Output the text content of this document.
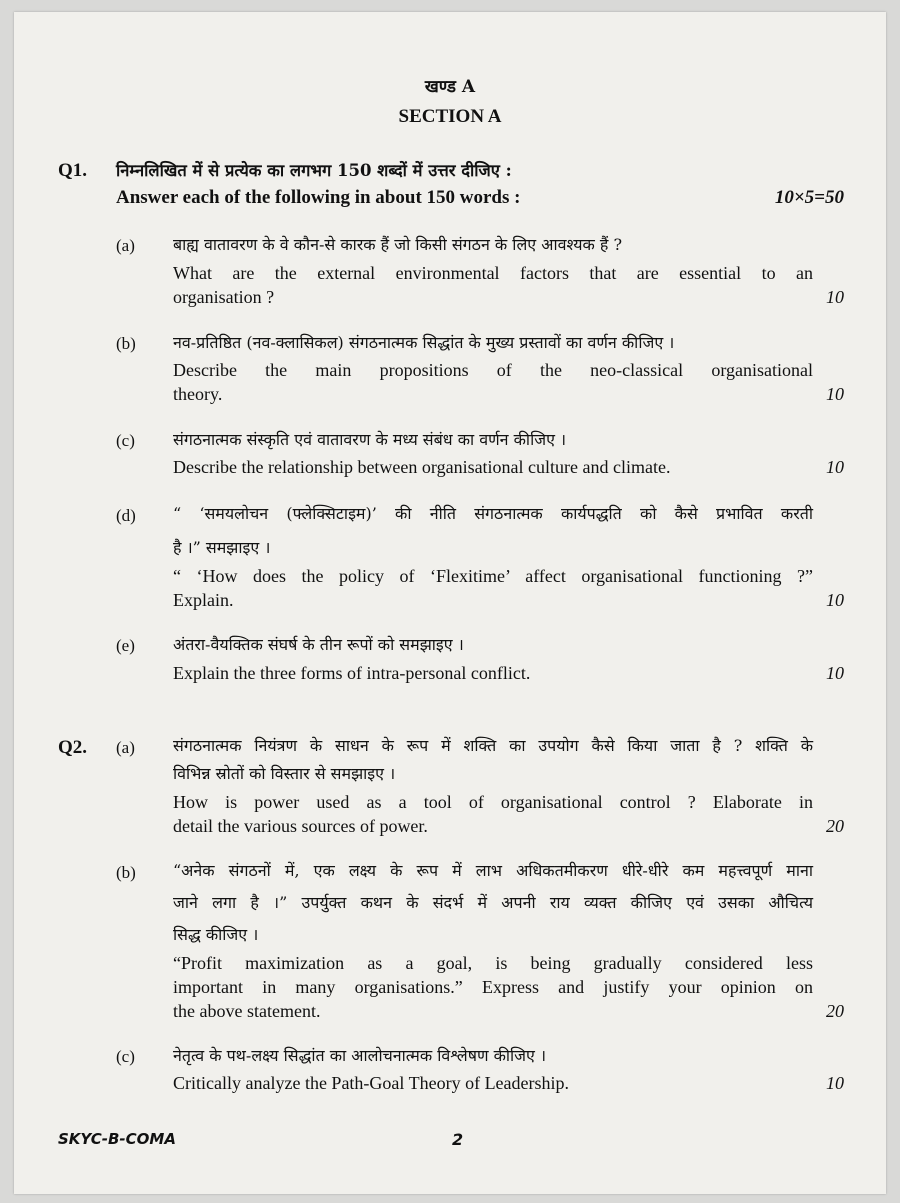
खण्ड A
SECTION A
Q1. निम्नलिखित में से प्रत्येक का लगभग 150 शब्दों में उत्तर दीजिए :
Answer each of the following in about 150 words :	10×5=50
(a) बाह्य वातावरण के वे कौन-से कारक हैं जो किसी संगठन के लिए आवश्यक हैं ?
What are the external environmental factors that are essential to an
organisation ?	10
(b) नव-प्रतिष्ठित (नव-क्लासिकल) संगठनात्मक सिद्धांत के मुख्य प्रस्तावों का वर्णन कीजिए ।
Describe the main propositions of the neo-classical organisational
theory.	10
(c) संगठनात्मक संस्कृति एवं वातावरण के मध्य संबंध का वर्णन कीजिए ।
Describe the relationship between organisational culture and climate.	10
(d) “ ‘समयलोचन (फ्लेक्सिटाइम)’ की नीति संगठनात्मक कार्यपद्धति को कैसे प्रभावित करती
है ।” समझाइए ।
“ ‘How does the policy of ‘Flexitime’ affect organisational functioning ?”
Explain.	10
(e) अंतरा-वैयक्तिक संघर्ष के तीन रूपों को समझाइए ।
Explain the three forms of intra-personal conflict.	10
Q2. (a) संगठनात्मक नियंत्रण के साधन के रूप में शक्ति का उपयोग कैसे किया जाता है ? शक्ति के
विभिन्न स्रोतों को विस्तार से समझाइए ।
How is power used as a tool of organisational control ? Elaborate in
detail the various sources of power.	20
(b) “अनेक संगठनों में, एक लक्ष्य के रूप में लाभ अधिकतमीकरण धीरे-धीरे कम महत्त्वपूर्ण माना
जाने लगा है ।” उपर्युक्त कथन के संदर्भ में अपनी राय व्यक्त कीजिए एवं उसका औचित्य
सिद्ध कीजिए ।
“Profit maximization as a goal, is being gradually considered less
important in many organisations.” Express and justify your opinion on
the above statement.	20
(c) नेतृत्व के पथ-लक्ष्य सिद्धांत का आलोचनात्मक विश्लेषण कीजिए ।
Critically analyze the Path-Goal Theory of Leadership.	10
SKYC-B-COMA	2
